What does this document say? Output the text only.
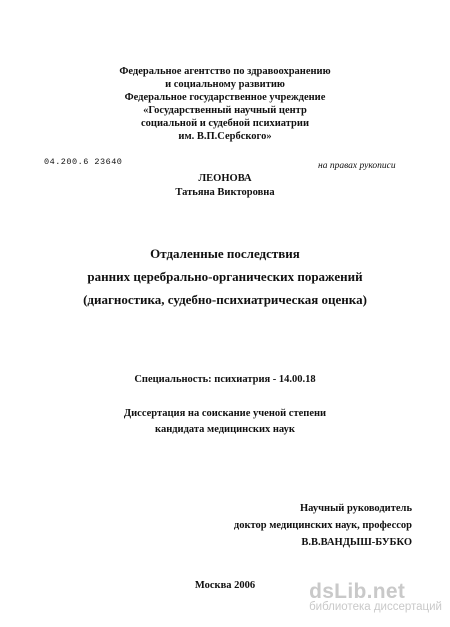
Федеральное агентство по здравоохранению
и социальному развитию
Федеральное государственное учреждение
«Государственный научный центр
социальной и судебной психиатрии
им. В.П.Сербского»
04.200.6 23640	на правах рукописи
ЛЕОНОВА
Татьяна Викторовна
Отдаленные последствия
ранних церебрально-органических поражений
(диагностика, судебно-психиатрическая оценка)
Специальность: психиатрия - 14.00.18
Диссертация на соискание ученой степени
кандидата медицинских наук
Научный руководитель
доктор медицинских наук, профессор
В.В.ВАНДЫШ-БУБКО
Москва 2006	dsLib.net
библиотека диссертаций
